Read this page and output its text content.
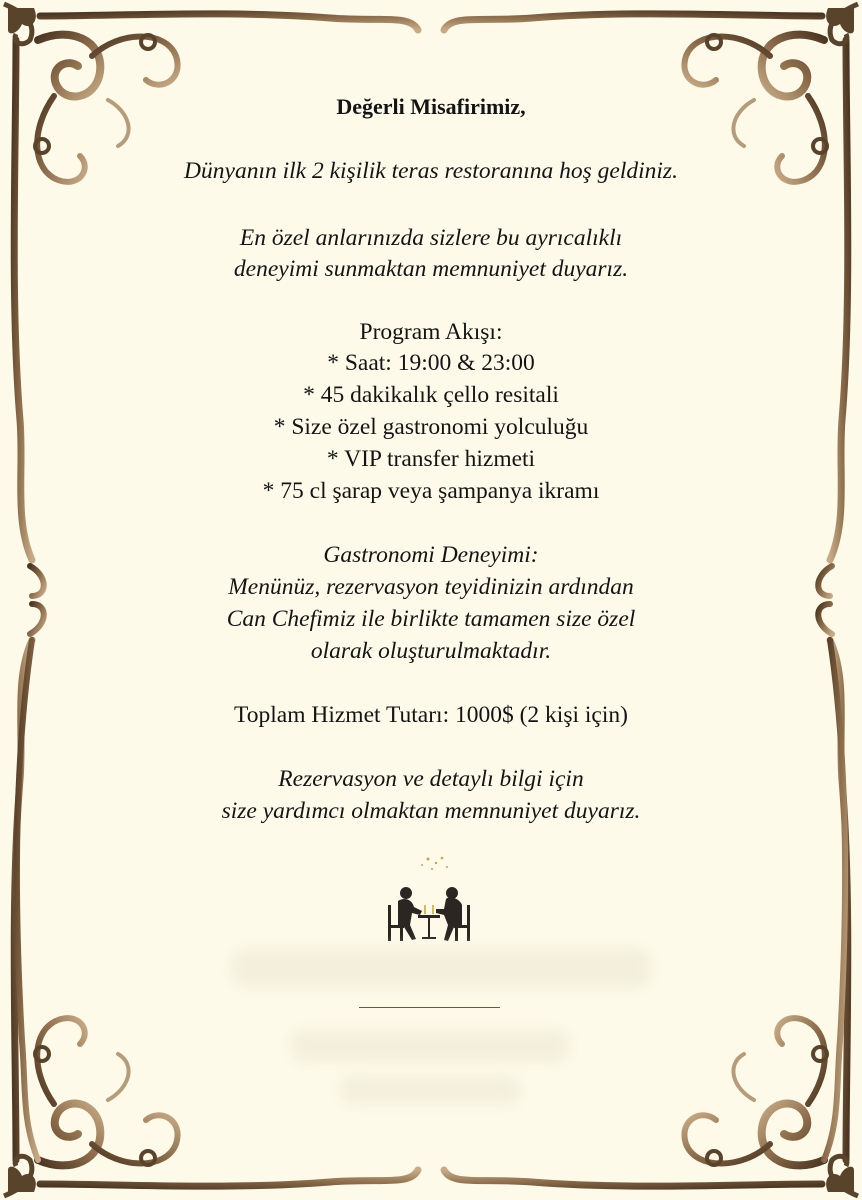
Değerli Misafirimiz,
Dünyanın ilk 2 kişilik teras restoranına hoş geldiniz.
En özel anlarınızda sizlere bu ayrıcalıklı
deneyimi sunmaktan memnuniyet duyarız.
Program Akışı:
* Saat: 19:00 & 23:00
* 45 dakikalık çello resitali
* Size özel gastronomi yolculuğu
* VIP transfer hizmeti
* 75 cl şarap veya şampanya ikramı
Gastronomi Deneyimi:
Menünüz, rezervasyon teyidinizin ardından
Can Chefimiz ile birlikte tamamen size özel
olarak oluşturulmaktadır.
Toplam Hizmet Tutarı: 1000$ (2 kişi için)
Rezervasyon ve detaylı bilgi için
size yardımcı olmaktan memnuniyet duyarız.
